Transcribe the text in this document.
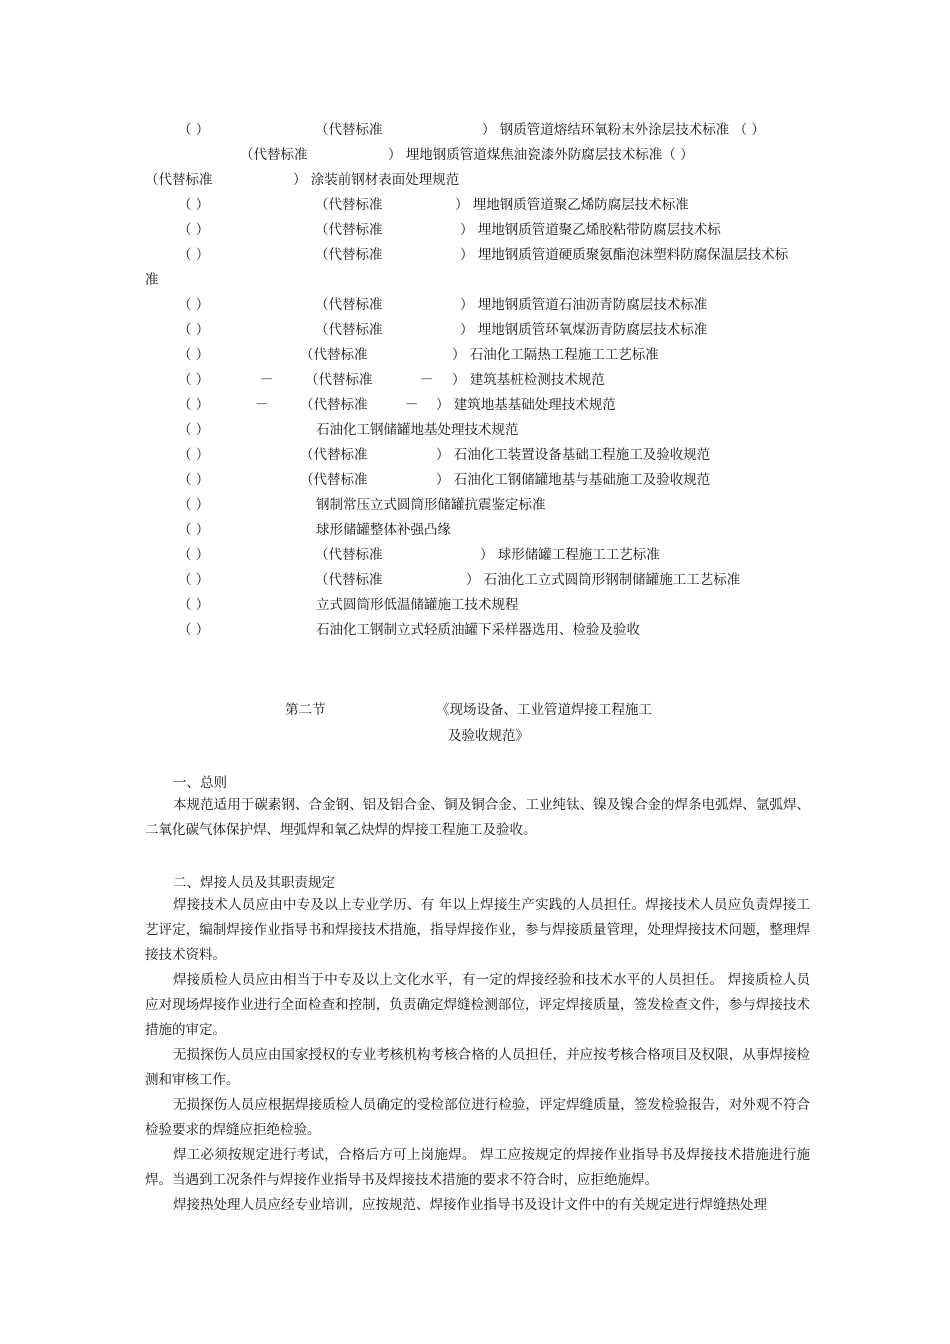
（ ）	（代替标准	） 钢质管道熔结环氧粉末外涂层技术标准 （ ）
（代替标准	） 埋地钢质管道煤焦油瓷漆外防腐层技术标准（ ）
（代替标准	） 涂装前钢材表面处理规范
（ ）	（代替标准	） 埋地钢质管道聚乙烯防腐层技术标准
（ ）	（代替标准	） 埋地钢质管道聚乙烯胶粘带防腐层技术标
（ ）	（代替标准	） 埋地钢质管道硬质聚氨酯泡沫塑料防腐保温层技术标
准
（ ）	（代替标准	） 埋地钢质管道石油沥青防腐层技术标准
（ ）	（代替标准	） 埋地钢质管环氧煤沥青防腐层技术标准
（ ）	（代替标准	） 石油化工隔热工程施工工艺标准
（ ）	－ （代替标准	－ ） 建筑基桩检测技术规范
（ ）	－ （代替标准	－ ） 建筑地基基础处理技术规范
（ ）	石油化工钢储罐地基处理技术规范
（ ）	（代替标准	） 石油化工装置设备基础工程施工及验收规范
（ ）	（代替标准	） 石油化工钢储罐地基与基础施工及验收规范
（ ）	钢制常压立式圆筒形储罐抗震鉴定标准
（ ）	球形储罐整体补强凸缘
（ ）	（代替标准	） 球形储罐工程施工工艺标准
（ ）	（代替标准	） 石油化工立式圆筒形钢制储罐施工工艺标准
（ ）	立式圆筒形低温储罐施工技术规程
（ ）	石油化工钢制立式轻质油罐下采样器选用、检验及验收
第二节	《现场设备、工业管道焊接工程施工
及验收规范》
一、总则
本规范适用于碳素钢、合金钢、铝及铝合金、铜及铜合金、工业纯钛、镍及镍合金的焊条电弧焊、氩弧焊、二氧化碳气体保护焊、埋弧焊和氧乙炔焊的焊接工程施工及验收。
二、焊接人员及其职责规定
焊接技术人员应由中专及以上专业学历、有 年以上焊接生产实践的人员担任。焊接技术人员应负责焊接工艺评定，编制焊接作业指导书和焊接技术措施，指导焊接作业，参与焊接质量管理，处理焊接技术问题，整理焊接技术资料。
焊接质检人员应由相当于中专及以上文化水平，有一定的焊接经验和技术水平的人员担任。 焊接质检人员应对现场焊接作业进行全面检查和控制，负责确定焊缝检测部位，评定焊接质量，签发检查文件，参与焊接技术措施的审定。
无损探伤人员应由国家授权的专业考核机构考核合格的人员担任，并应按考核合格项目及权限，从事焊接检测和审核工作。
无损探伤人员应根据焊接质检人员确定的受检部位进行检验，评定焊缝质量，签发检验报告，对外观不符合检验要求的焊缝应拒绝检验。
焊工必须按规定进行考试，合格后方可上岗施焊。 焊工应按规定的焊接作业指导书及焊接技术措施进行施焊。当遇到工况条件与焊接作业指导书及焊接技术措施的要求不符合时，应拒绝施焊。
焊接热处理人员应经专业培训，应按规范、焊接作业指导书及设计文件中的有关规定进行焊缝热处理
